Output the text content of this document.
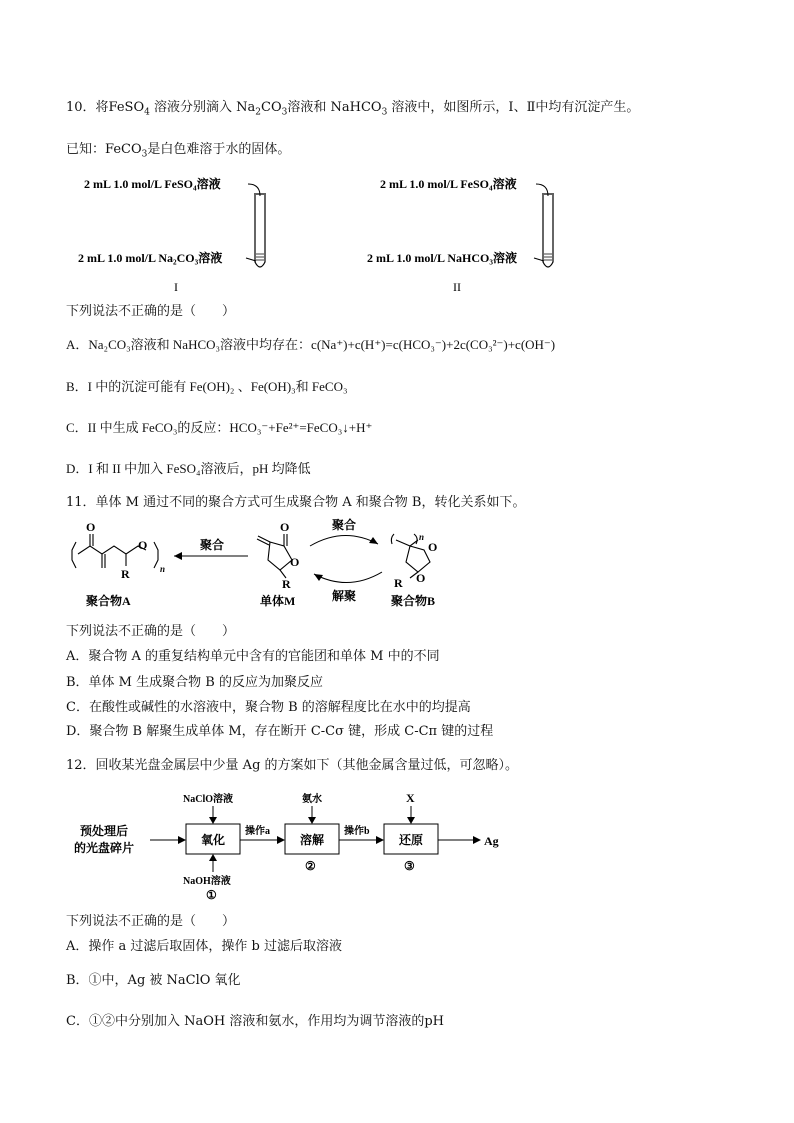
10．将FeSO$_4$ 溶液分别滴入 $Na_2CO_3$溶液和 NaHCO$_3$ 溶液中，如图所示，Ⅰ、Ⅱ中均有沉淀产生。
已知：FeCO$_3$是白色难溶于水的固体。
2 mL 1.0 mol/L FeSO₄溶液
2 mL 1.0 mol/L Na₂CO₃溶液
I
2 mL 1.0 mol/L FeSO₄溶液
2 mL 1.0 mol/L NaHCO₃溶液
II
下列说法不正确的是（　　）
A．Na₂CO₃溶液和 NaHCO₃溶液中均存在：c(Na⁺)+c(H⁺)=c(HCO₃⁻)+2c(CO₃²⁻)+c(OH⁻)
B．I 中的沉淀可能有 Fe(OH)₂ 、Fe(OH)₃和 FeCO₃
C．II 中生成 FeCO₃的反应：HCO₃⁻+Fe²⁺=FeCO₃↓+H⁺
D．I 和 II 中加入 FeSO₄溶液后，pH 均降低
11．单体 M 通过不同的聚合方式可生成聚合物 A 和聚合物 B，转化关系如下。
O
O
R	n
聚合物A
聚合
O
O
R
单体M
聚合
解聚
n
O
O
R
聚合物B
下列说法不正确的是（　　）
A．聚合物 A 的重复结构单元中含有的官能团和单体 M 中的不同
B．单体 M 生成聚合物 B 的反应为加聚反应
C．在酸性或碱性的水溶液中，聚合物 B 的溶解程度比在水中的均提高
D．聚合物 B 解聚生成单体 M，存在断开 C-Cσ 键，形成 C-Cπ 键的过程
12．回收某光盘金属层中少量 Ag 的方案如下（其他金属含量过低，可忽略）。
预处理后
的光盘碎片
氧化
NaClO溶液
NaOH溶液
①
操作a
溶解
氨水
②
操作b
还原
X
③
Ag
下列说法不正确的是（　　）
A．操作 a 过滤后取固体，操作 b 过滤后取溶液
B．①中，Ag 被 NaClO 氧化
C．①②中分别加入 NaOH 溶液和氨水，作用均为调节溶液的pH
